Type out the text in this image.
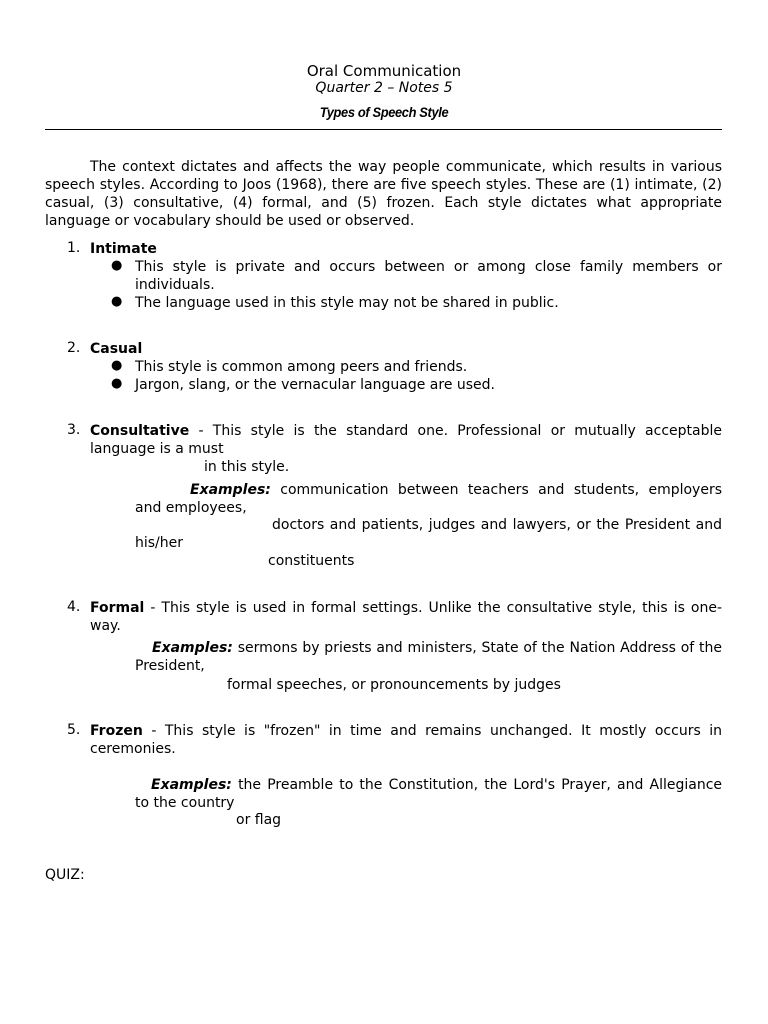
Oral Communication
Quarter 2 – Notes 5
Types of Speech Style

The context dictates and affects the way people communicate, which results in various speech styles. According to Joos (1968), there are five speech styles. These are (1) intimate, (2) casual, (3) consultative, (4) formal, and (5) frozen. Each style dictates what appropriate language or vocabulary should be used or observed.

1. Intimate
● This style is private and occurs between or among close family members or individuals.
● The language used in this style may not be shared in public.
2. Casual
● This style is common among peers and friends.
● Jargon, slang, or the vernacular language are used.
3. Consultative - This style is the standard one. Professional or mutually acceptable language is a must
in this style.
Examples: communication between teachers and students, employers and employees,
doctors and patients, judges and lawyers, or the President and his/her
constituents
4. Formal - This style is used in formal settings. Unlike the consultative style, this is one-way.
Examples: sermons by priests and ministers, State of the Nation Address of the President,
formal speeches, or pronouncements by judges
5. Frozen - This style is "frozen" in time and remains unchanged. It mostly occurs in ceremonies.
Examples: the Preamble to the Constitution, the Lord's Prayer, and Allegiance to the country
or flag
QUIZ:
